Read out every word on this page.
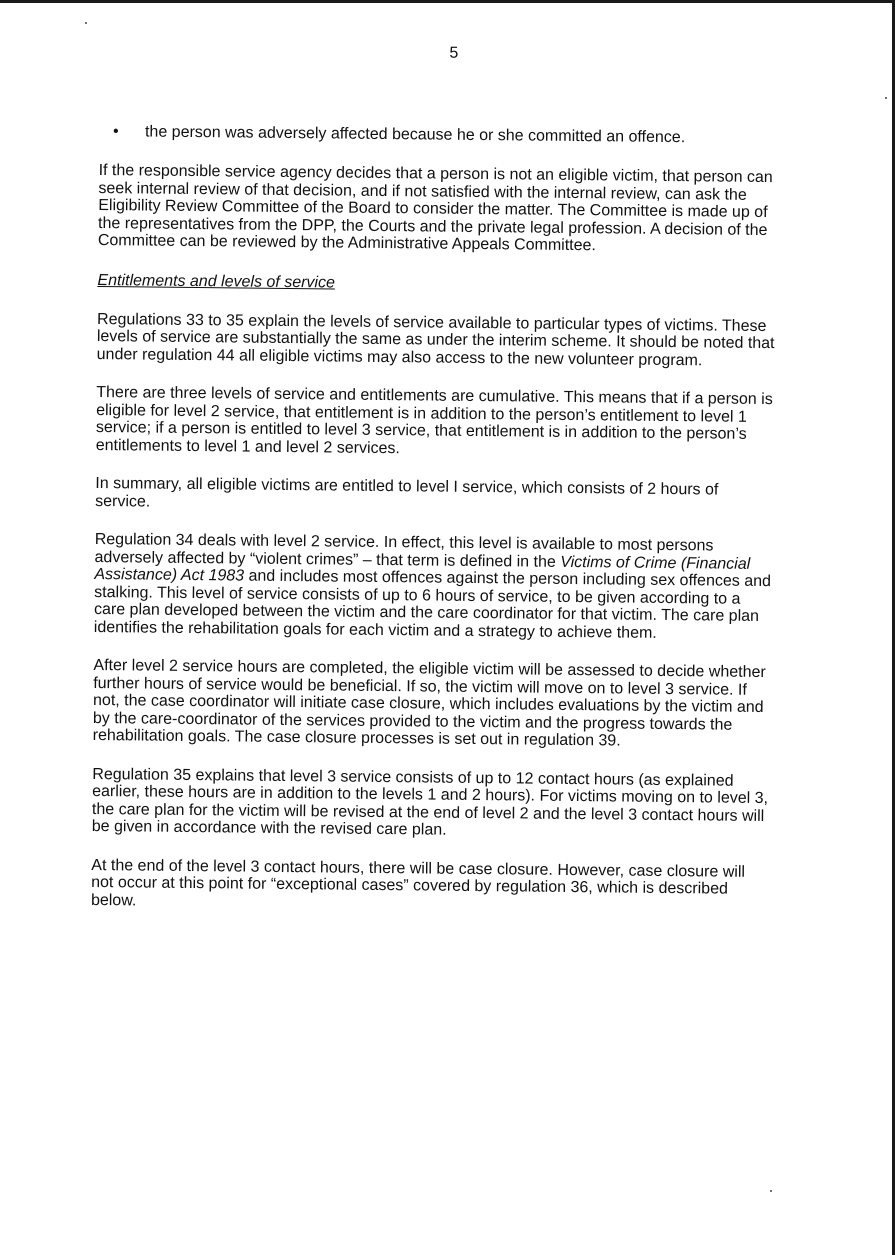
5
•	the person was adversely affected because he or she committed an offence.

If the responsible service agency decides that a person is not an eligible victim, that person can seek internal review of that decision, and if not satisfied with the internal review, can ask the Eligibility Review Committee of the Board to consider the matter. The Committee is made up of the representatives from the DPP, the Courts and the private legal profession. A decision of the Committee can be reviewed by the Administrative Appeals Committee.

Entitlements and levels of service

Regulations 33 to 35 explain the levels of service available to particular types of victims. These levels of service are substantially the same as under the interim scheme. It should be noted that under regulation 44 all eligible victims may also access to the new volunteer program.

There are three levels of service and entitlements are cumulative. This means that if a person is eligible for level 2 service, that entitlement is in addition to the person’s entitlement to level 1 service; if a person is entitled to level 3 service, that entitlement is in addition to the person’s entitlements to level 1 and level 2 services.

In summary, all eligible victims are entitled to level I service, which consists of 2 hours of service.

Regulation 34 deals with level 2 service. In effect, this level is available to most persons adversely affected by “violent crimes” – that term is defined in the Victims of Crime (Financial Assistance) Act 1983 and includes most offences against the person including sex offences and stalking. This level of service consists of up to 6 hours of service, to be given according to a care plan developed between the victim and the care coordinator for that victim. The care plan identifies the rehabilitation goals for each victim and a strategy to achieve them.

After level 2 service hours are completed, the eligible victim will be assessed to decide whether further hours of service would be beneficial. If so, the victim will move on to level 3 service. If not, the case coordinator will initiate case closure, which includes evaluations by the victim and by the care-coordinator of the services provided to the victim and the progress towards the rehabilitation goals. The case closure processes is set out in regulation 39.

Regulation 35 explains that level 3 service consists of up to 12 contact hours (as explained earlier, these hours are in addition to the levels 1 and 2 hours). For victims moving on to level 3, the care plan for the victim will be revised at the end of level 2 and the level 3 contact hours will be given in accordance with the revised care plan.

At the end of the level 3 contact hours, there will be case closure. However, case closure will not occur at this point for “exceptional cases” covered by regulation 36, which is described below.
